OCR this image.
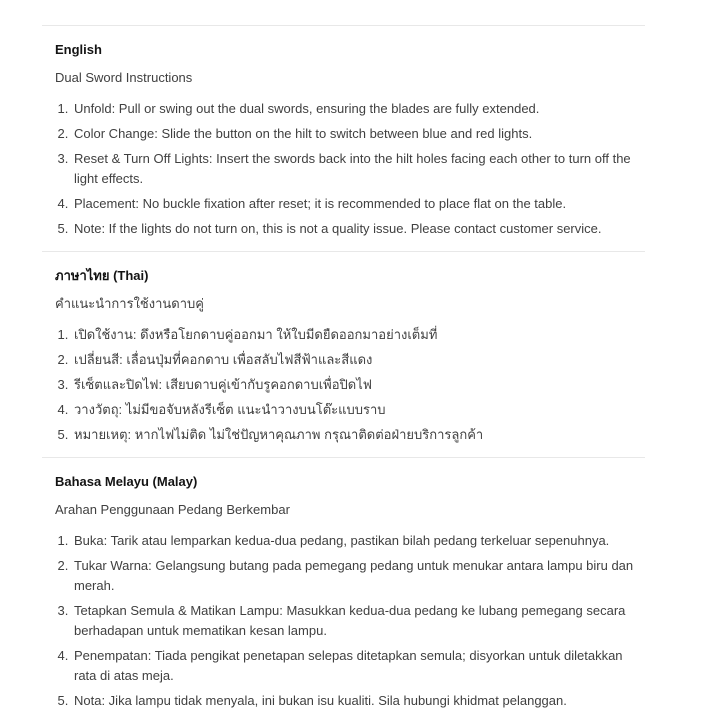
English

Dual Sword Instructions

1. Unfold: Pull or swing out the dual swords, ensuring the blades are fully extended.
2. Color Change: Slide the button on the hilt to switch between blue and red lights.
3. Reset & Turn Off Lights: Insert the swords back into the hilt holes facing each other to turn off the light effects.
4. Placement: No buckle fixation after reset; it is recommended to place flat on the table.
5. Note: If the lights do not turn on, this is not a quality issue. Please contact customer service.
ภาษาไทย (Thai)

คำแนะนำการใช้งานดาบคู่

1. เปิดใช้งาน: ดึงหรือโยกดาบคู่ออกมา ให้ใบมีดยืดออกมาอย่างเต็มที่
2. เปลี่ยนสี: เลื่อนปุ่มที่คอกดาบ เพื่อสลับไฟสีฟ้าและสีแดง
3. รีเซ็ตและปิดไฟ: เสียบดาบคู่เข้ากับรูคอกดาบเพื่อปิดไฟ
4. วางวัตถุ: ไม่มีขอจับหลังรีเซ็ต แนะนำวางบนโต๊ะแบบราบ
5. หมายเหตุ: หากไฟไม่ติด ไม่ใช่ปัญหาคุณภาพ กรุณาติดต่อฝ่ายบริการลูกค้า
Bahasa Melayu (Malay)

Arahan Penggunaan Pedang Berkembar

1. Buka: Tarik atau lemparkan kedua-dua pedang, pastikan bilah pedang terkeluar sepenuhnya.
2. Tukar Warna: Gelangsung butang pada pemegang pedang untuk menukar antara lampu biru dan merah.
3. Tetapkan Semula & Matikan Lampu: Masukkan kedua-dua pedang ke lubang pemegang secara berhadapan untuk mematikan kesan lampu.
4. Penempatan: Tiada pengikat penetapan selepas ditetapkan semula; disyorkan untuk diletakkan rata di atas meja.
5. Nota: Jika lampu tidak menyala, ini bukan isu kualiti. Sila hubungi khidmat pelanggan.
